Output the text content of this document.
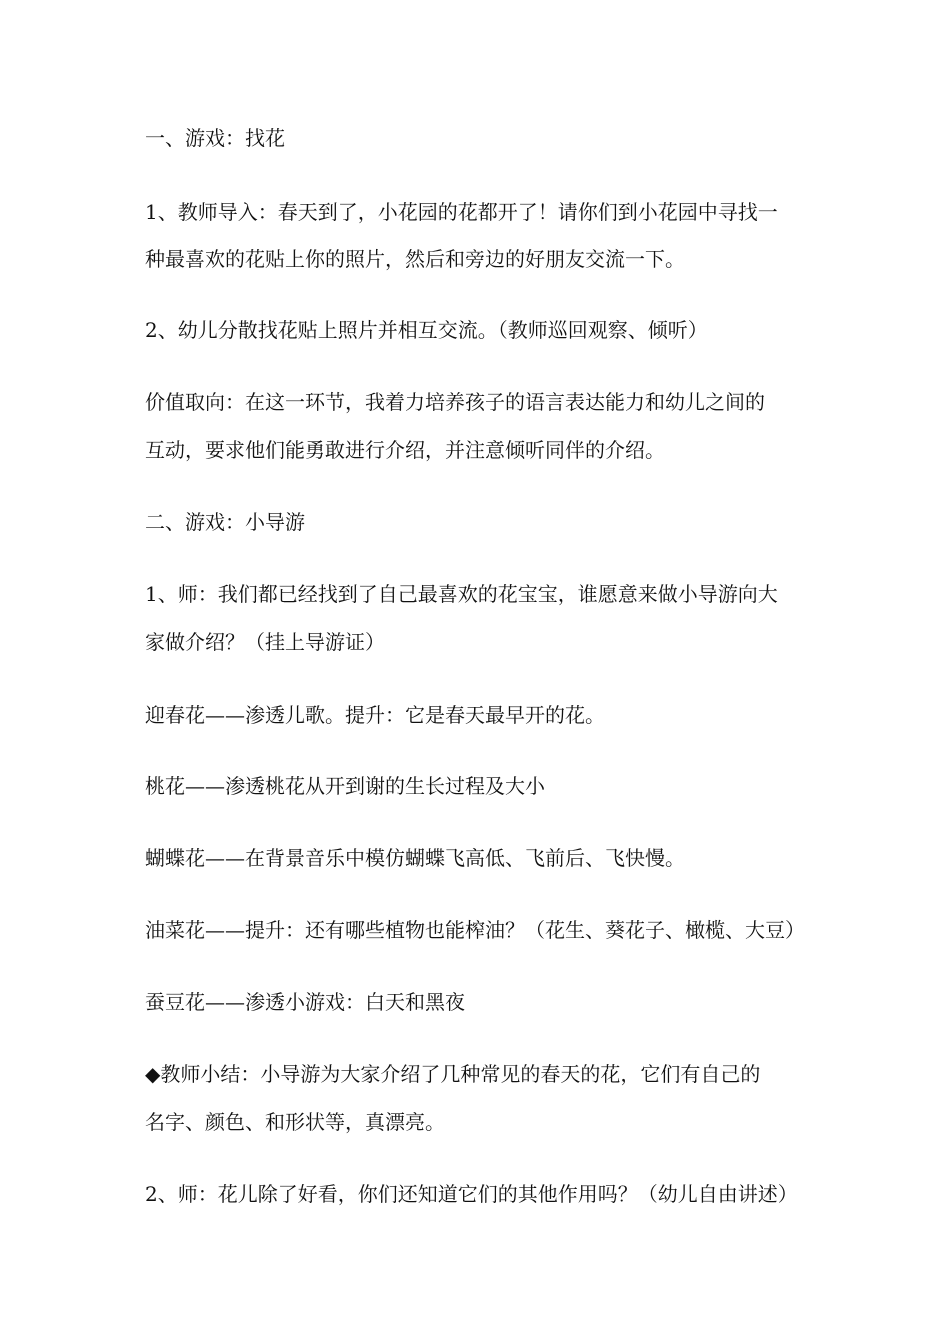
一、游戏：找花
1、教师导入：春天到了，小花园的花都开了！请你们到小花园中寻找一
种最喜欢的花贴上你的照片，然后和旁边的好朋友交流一下。
2、幼儿分散找花贴上照片并相互交流。（教师巡回观察、倾听）
价值取向：在这一环节，我着力培养孩子的语言表达能力和幼儿之间的
互动，要求他们能勇敢进行介绍，并注意倾听同伴的介绍。
二、游戏：小导游
1、师：我们都已经找到了自己最喜欢的花宝宝，谁愿意来做小导游向大
家做介绍？（挂上导游证）
迎春花——渗透儿歌。提升：它是春天最早开的花。
桃花——渗透桃花从开到谢的生长过程及大小
蝴蝶花——在背景音乐中模仿蝴蝶飞高低、飞前后、飞快慢。
油菜花——提升：还有哪些植物也能榨油？（花生、葵花子、橄榄、大豆）
蚕豆花——渗透小游戏：白天和黑夜
◆教师小结：小导游为大家介绍了几种常见的春天的花，它们有自己的
名字、颜色、和形状等，真漂亮。
2、师：花儿除了好看，你们还知道它们的其他作用吗？（幼儿自由讲述）
